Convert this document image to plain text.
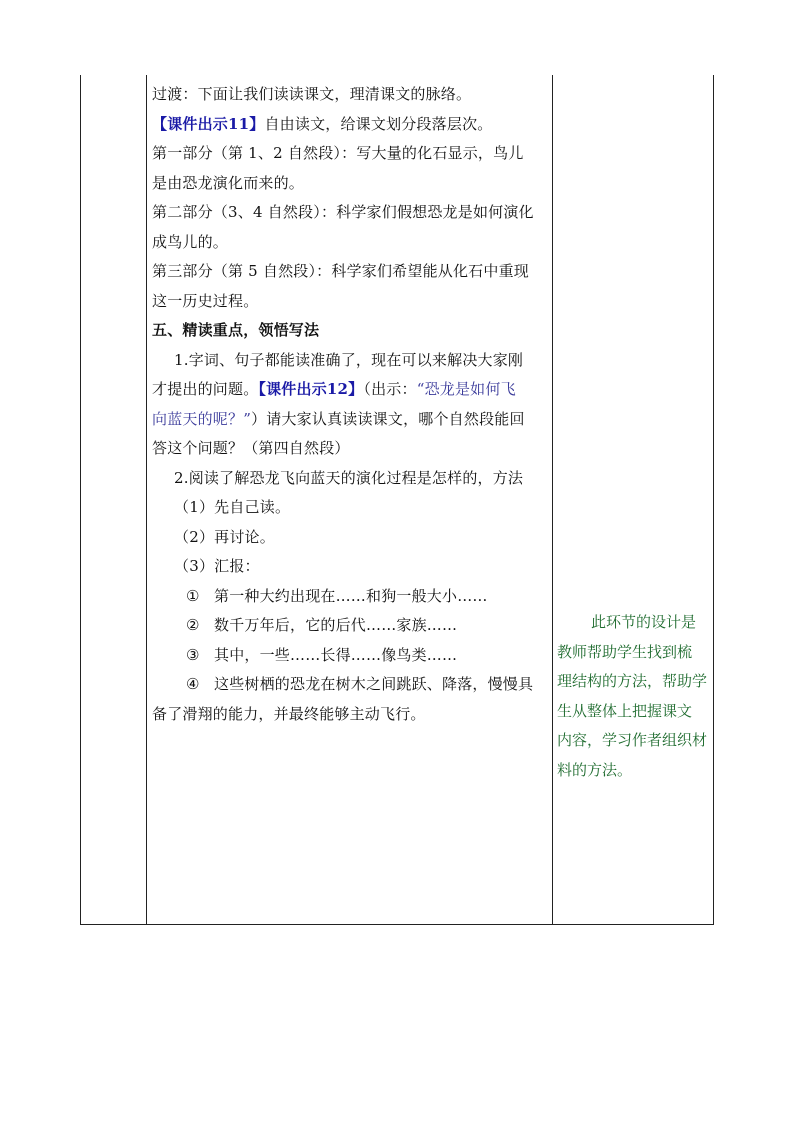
过渡：下面让我们读读课文，理清课文的脉络。

【课件出示11】自由读文，给课文划分段落层次。

第一部分（第 1、2 自然段）：写大量的化石显示，鸟儿

是由恐龙演化而来的。

第二部分（3、4 自然段）：科学家们假想恐龙是如何演化

成鸟儿的。

第三部分（第 5 自然段）：科学家们希望能从化石中重现

这一历史过程。

五、精读重点，领悟写法

1.字词、句子都能读准确了，现在可以来解决大家刚

才提出的问题。【课件出示12】（出示：“恐龙是如何飞

向蓝天的呢？”）请大家认真读读课文，哪个自然段能回

答这个问题？（第四自然段）

2.阅读了解恐龙飞向蓝天的演化过程是怎样的，方法

（1）先自己读。

（2）再讨论。

（3）汇报：

① 第一种大约出现在……和狗一般大小……

② 数千万年后，它的后代……家族……

③ 其中，一些……长得……像鸟类……

④ 这些树栖的恐龙在树木之间跳跃、降落，慢慢具

备了滑翔的能力，并最终能够主动飞行。

此环节的设计是

教师帮助学生找到梳

理结构的方法，帮助学

生从整体上把握课文

内容，学习作者组织材

料的方法。
